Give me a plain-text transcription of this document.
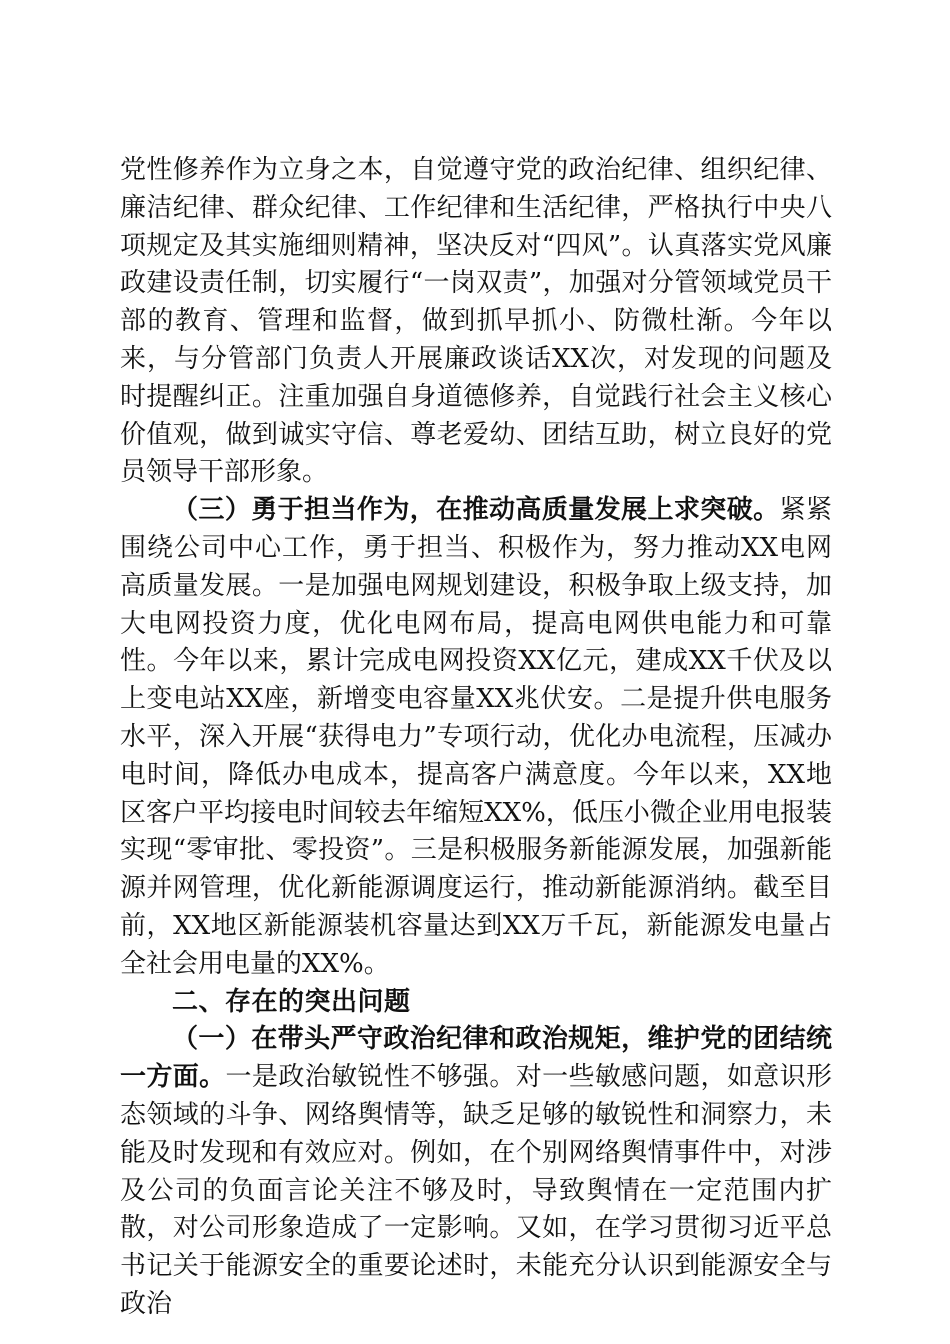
党性修养作为立身之本，自觉遵守党的政治纪律、组织纪律、廉洁纪律、群众纪律、工作纪律和生活纪律，严格执行中央八项规定及其实施细则精神，坚决反对“四风”。认真落实党风廉政建设责任制，切实履行“一岗双责”，加强对分管领域党员干部的教育、管理和监督，做到抓早抓小、防微杜渐。今年以来，与分管部门负责人开展廉政谈话XX次，对发现的问题及时提醒纠正。注重加强自身道德修养，自觉践行社会主义核心价值观，做到诚实守信、尊老爱幼、团结互助，树立良好的党员领导干部形象。

（三）勇于担当作为，在推动高质量发展上求突破。紧紧围绕公司中心工作，勇于担当、积极作为，努力推动XX电网高质量发展。一是加强电网规划建设，积极争取上级支持，加大电网投资力度，优化电网布局，提高电网供电能力和可靠性。今年以来，累计完成电网投资XX亿元，建成XX千伏及以上变电站XX座，新增变电容量XX兆伏安。二是提升供电服务水平，深入开展“获得电力”专项行动，优化办电流程，压减办电时间，降低办电成本，提高客户满意度。今年以来，XX地区客户平均接电时间较去年缩短XX%，低压小微企业用电报装实现“零审批、零投资”。三是积极服务新能源发展，加强新能源并网管理，优化新能源调度运行，推动新能源消纳。截至目前，XX地区新能源装机容量达到XX万千瓦，新能源发电量占全社会用电量的XX%。

二、存在的突出问题

（一）在带头严守政治纪律和政治规矩，维护党的团结统一方面。一是政治敏锐性不够强。对一些敏感问题，如意识形态领域的斗争、网络舆情等，缺乏足够的敏锐性和洞察力，未能及时发现和有效应对。例如，在个别网络舆情事件中，对涉及公司的负面言论关注不够及时，导致舆情在一定范围内扩散，对公司形象造成了一定影响。又如，在学习贯彻习近平总书记关于能源安全的重要论述时，未能充分认识到能源安全与政治
